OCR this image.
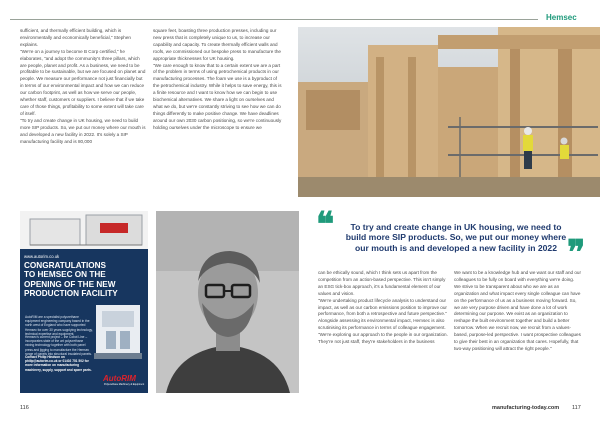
Hemsec
sufficient, and thermally efficient building, which is environmentally and economically beneficial," Stephen explains.
"We're on a journey to become B Corp certified," he elaborates, "and adopt the community's three pillars, which are people, planet and profit. As a business, we need to be profitable to be sustainable, but we are focused on planet and people. We measure our performance not just financially but in terms of our environmental impact and how we can reduce our carbon footprint, as well as how we serve our people, whether staff, customers or suppliers. I believe that if we take care of those things, profitability to some extent will take care of itself.
"To try and create change in UK housing, we need to build more SIP products. So, we put our money where our mouth is and developed a new facility in 2022. It's solely a SIP manufacturing facility and is 80,000
square feet, boasting three production presses, including our new press that is completely unique to us, to increase our capability and capacity. To create thermally efficient walls and roofs, we commissioned our bespoke press to manufacture the appropriate thicknesses for UK housing.
"We care enough to know that to a certain extent we are a part of the problem in terms of using petrochemical products in our manufacturing processes. The foam we use is a byproduct of the petrochemical industry. While it helps to save energy, this is a finite resource and I want to know how we can begin to use biochemical alternatives. We share a light on ourselves and what we do, but we're constantly striving to see how we can do things differently to make positive change. We have deadlines around our own 2030 carbon positioning, so we're continuously holding ourselves under the microscope to ensure we
www.autorim.co.uk
CONGRATULATIONS
TO HEMSEC ON THE
OPENING OF THE NEW
PRODUCTION FACILITY
AutoRIM are a specialist polyurethane equipment engineering company based in the north west of England who have supported Hemsec for over 30 years supplying technology, technical expertise and equipment.
Hemsec's current project – the Cobot Line – incorporates state of the art polyurethane mixing technology together with both panel press and jigging to manufacture the Hemsec range of panels into structural insulated panels.
Contact Philip Hindson on philip@autorim.co.uk or 01402 751 502 for more information on manufacturing machinery, supply, support and spare parts.
AutoRIM
Polyurethane Machinery & Equipment
❝	To try and create change in UK housing, we need to
build more SIP products. So, we put our money where
our mouth is and developed a new facility in 2022 ❞
can be ethically sound, which I think sets us apart from the competition from an action-based perspective. This isn't simply an ESG tick-box approach, it's a fundamental element of our values and vision.
"We're undertaking product lifecycle analysis to understand our impact, as well as our carbon emissions position to improve our performance, from both a retrospective and future perspective."
Alongside assessing its environmental impact, Hemsec is also scrutinising its performance in terms of colleague engagement. "We're exploring our approach to the people in our organization. They're not just staff, they're stakeholders in the business
We want to be a knowledge hub and we want our staff and our colleagues to be fully on board with everything we're doing. We strive to be transparent about who we are as an organization and what impact every single colleague can have on the performance of us as a business moving forward. So, we are very purpose driven and have done a lot of work determining our purpose. We exist as an organization to reshape the built environment together and build a better tomorrow. When we recruit now, we recruit from a values-based, purpose-led perspective. I want prospective colleagues to give their best in an organization that cares. Hopefully, that two-way positioning will attract the right people."
116	manufacturing-today.com 117
